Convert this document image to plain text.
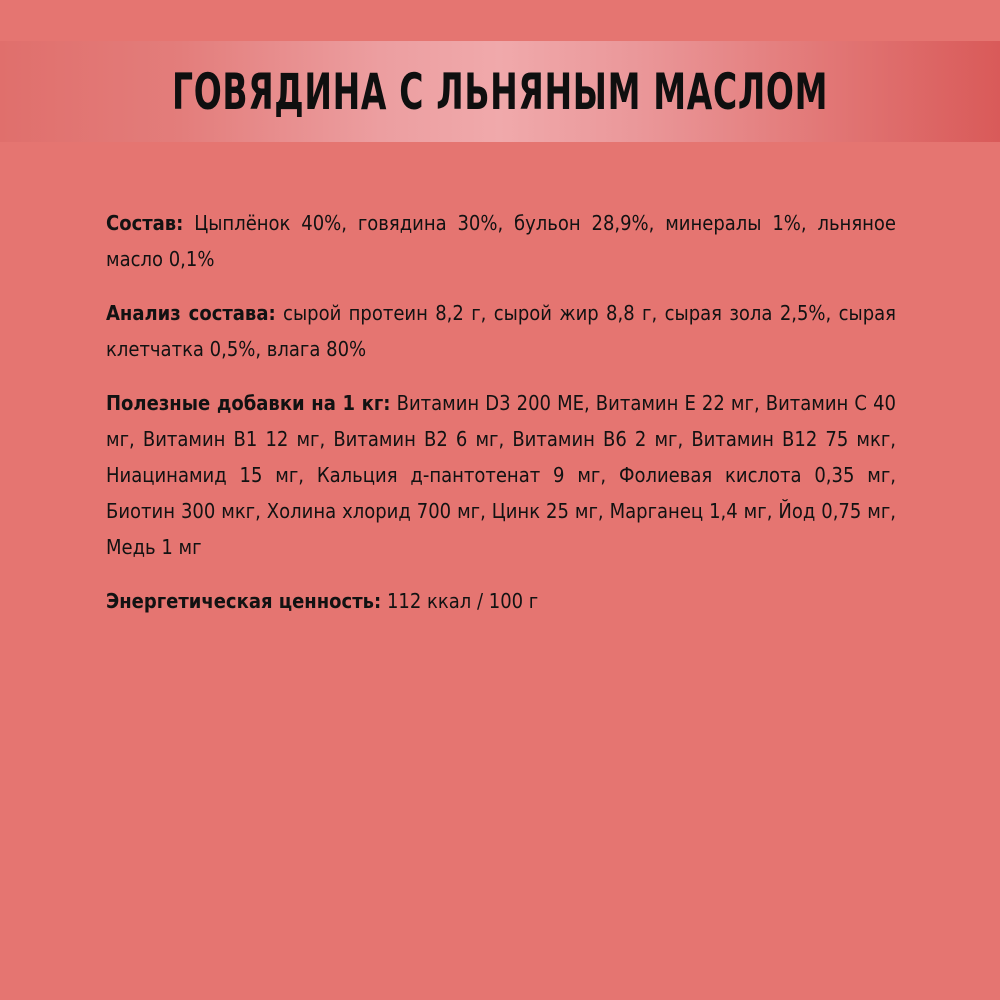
ГОВЯДИНА С ЛЬНЯНЫМ МАСЛОМ

Состав: Цыплёнок 40%, говядина 30%, бульон 28,9%, минералы 1%, льняное масло 0,1%

Анализ состава: сырой протеин 8,2 г, сырой жир 8,8 г, сырая зола 2,5%, сырая клетчатка 0,5%, влага 80%

Полезные добавки на 1 кг: Витамин D3 200 МЕ, Витамин Е 22 мг, Витамин С 40 мг, Витамин В1 12 мг, Витамин В2 6 мг, Витамин В6 2 мг, Витамин В12 75 мкг, Ниацинамид 15 мг, Кальция д-пантотенат 9 мг, Фолиевая кислота 0,35 мг, Биотин 300 мкг, Холина хлорид 700 мг, Цинк 25 мг, Марганец 1,4 мг, Йод 0,75 мг, Медь 1 мг

Энергетическая ценность: 112 ккал / 100 г
